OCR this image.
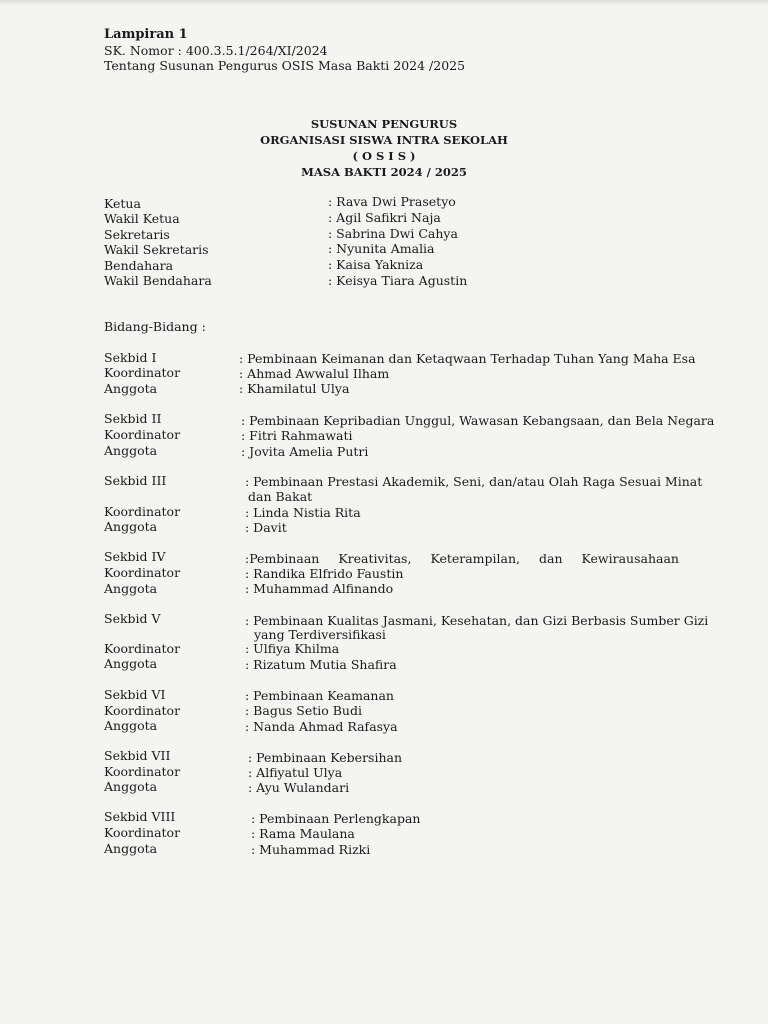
Lampiran 1
SK. Nomor : 400.3.5.1/264/XI/2024
Tentang Susunan Pengurus OSIS Masa Bakti 2024 /2025
SUSUNAN PENGURUS
ORGANISASI SISWA INTRA SEKOLAH
( O S I S )
MASA BAKTI 2024 / 2025
Ketua	: Rava Dwi Prasetyo
Wakil Ketua	: Agil Safikri Naja
Sekretaris	: Sabrina Dwi Cahya
Wakil Sekretaris	: Nyunita Amalia
Bendahara	: Kaisa Yakniza
Wakil Bendahara	: Keisya Tiara Agustin
Bidang-Bidang :
Sekbid I	: Pembinaan Keimanan dan Ketaqwaan Terhadap Tuhan Yang Maha Esa
Koordinator	: Ahmad Awwalul Ilham
Anggota	: Khamilatul Ulya
Sekbid II	: Pembinaan Kepribadian Unggul, Wawasan Kebangsaan, dan Bela Negara
Koordinator	: Fitri Rahmawati
Anggota	: Jovita Amelia Putri
Sekbid III	: Pembinaan Prestasi Akademik, Seni, dan/atau Olah Raga Sesuai Minat
dan Bakat
Koordinator	: Linda Nistia Rita
Anggota	: Davit
Sekbid IV	:Pembinaan Kreativitas, Keterampilan, dan Kewirausahaan
Koordinator	: Randika Elfrido Faustin
Anggota	: Muhammad Alfinando
Sekbid V	: Pembinaan Kualitas Jasmani, Kesehatan, dan Gizi Berbasis Sumber Gizi
yang Terdiversifikasi
Koordinator	: Ulfiya Khilma
Anggota	: Rizatum Mutia Shafira
Sekbid VI	: Pembinaan Keamanan
Koordinator	: Bagus Setio Budi
Anggota	: Nanda Ahmad Rafasya
Sekbid VII	: Pembinaan Kebersihan
Koordinator	: Alfiyatul Ulya
Anggota	: Ayu Wulandari
Sekbid VIII	: Pembinaan Perlengkapan
Koordinator	: Rama Maulana
Anggota	: Muhammad Rizki
